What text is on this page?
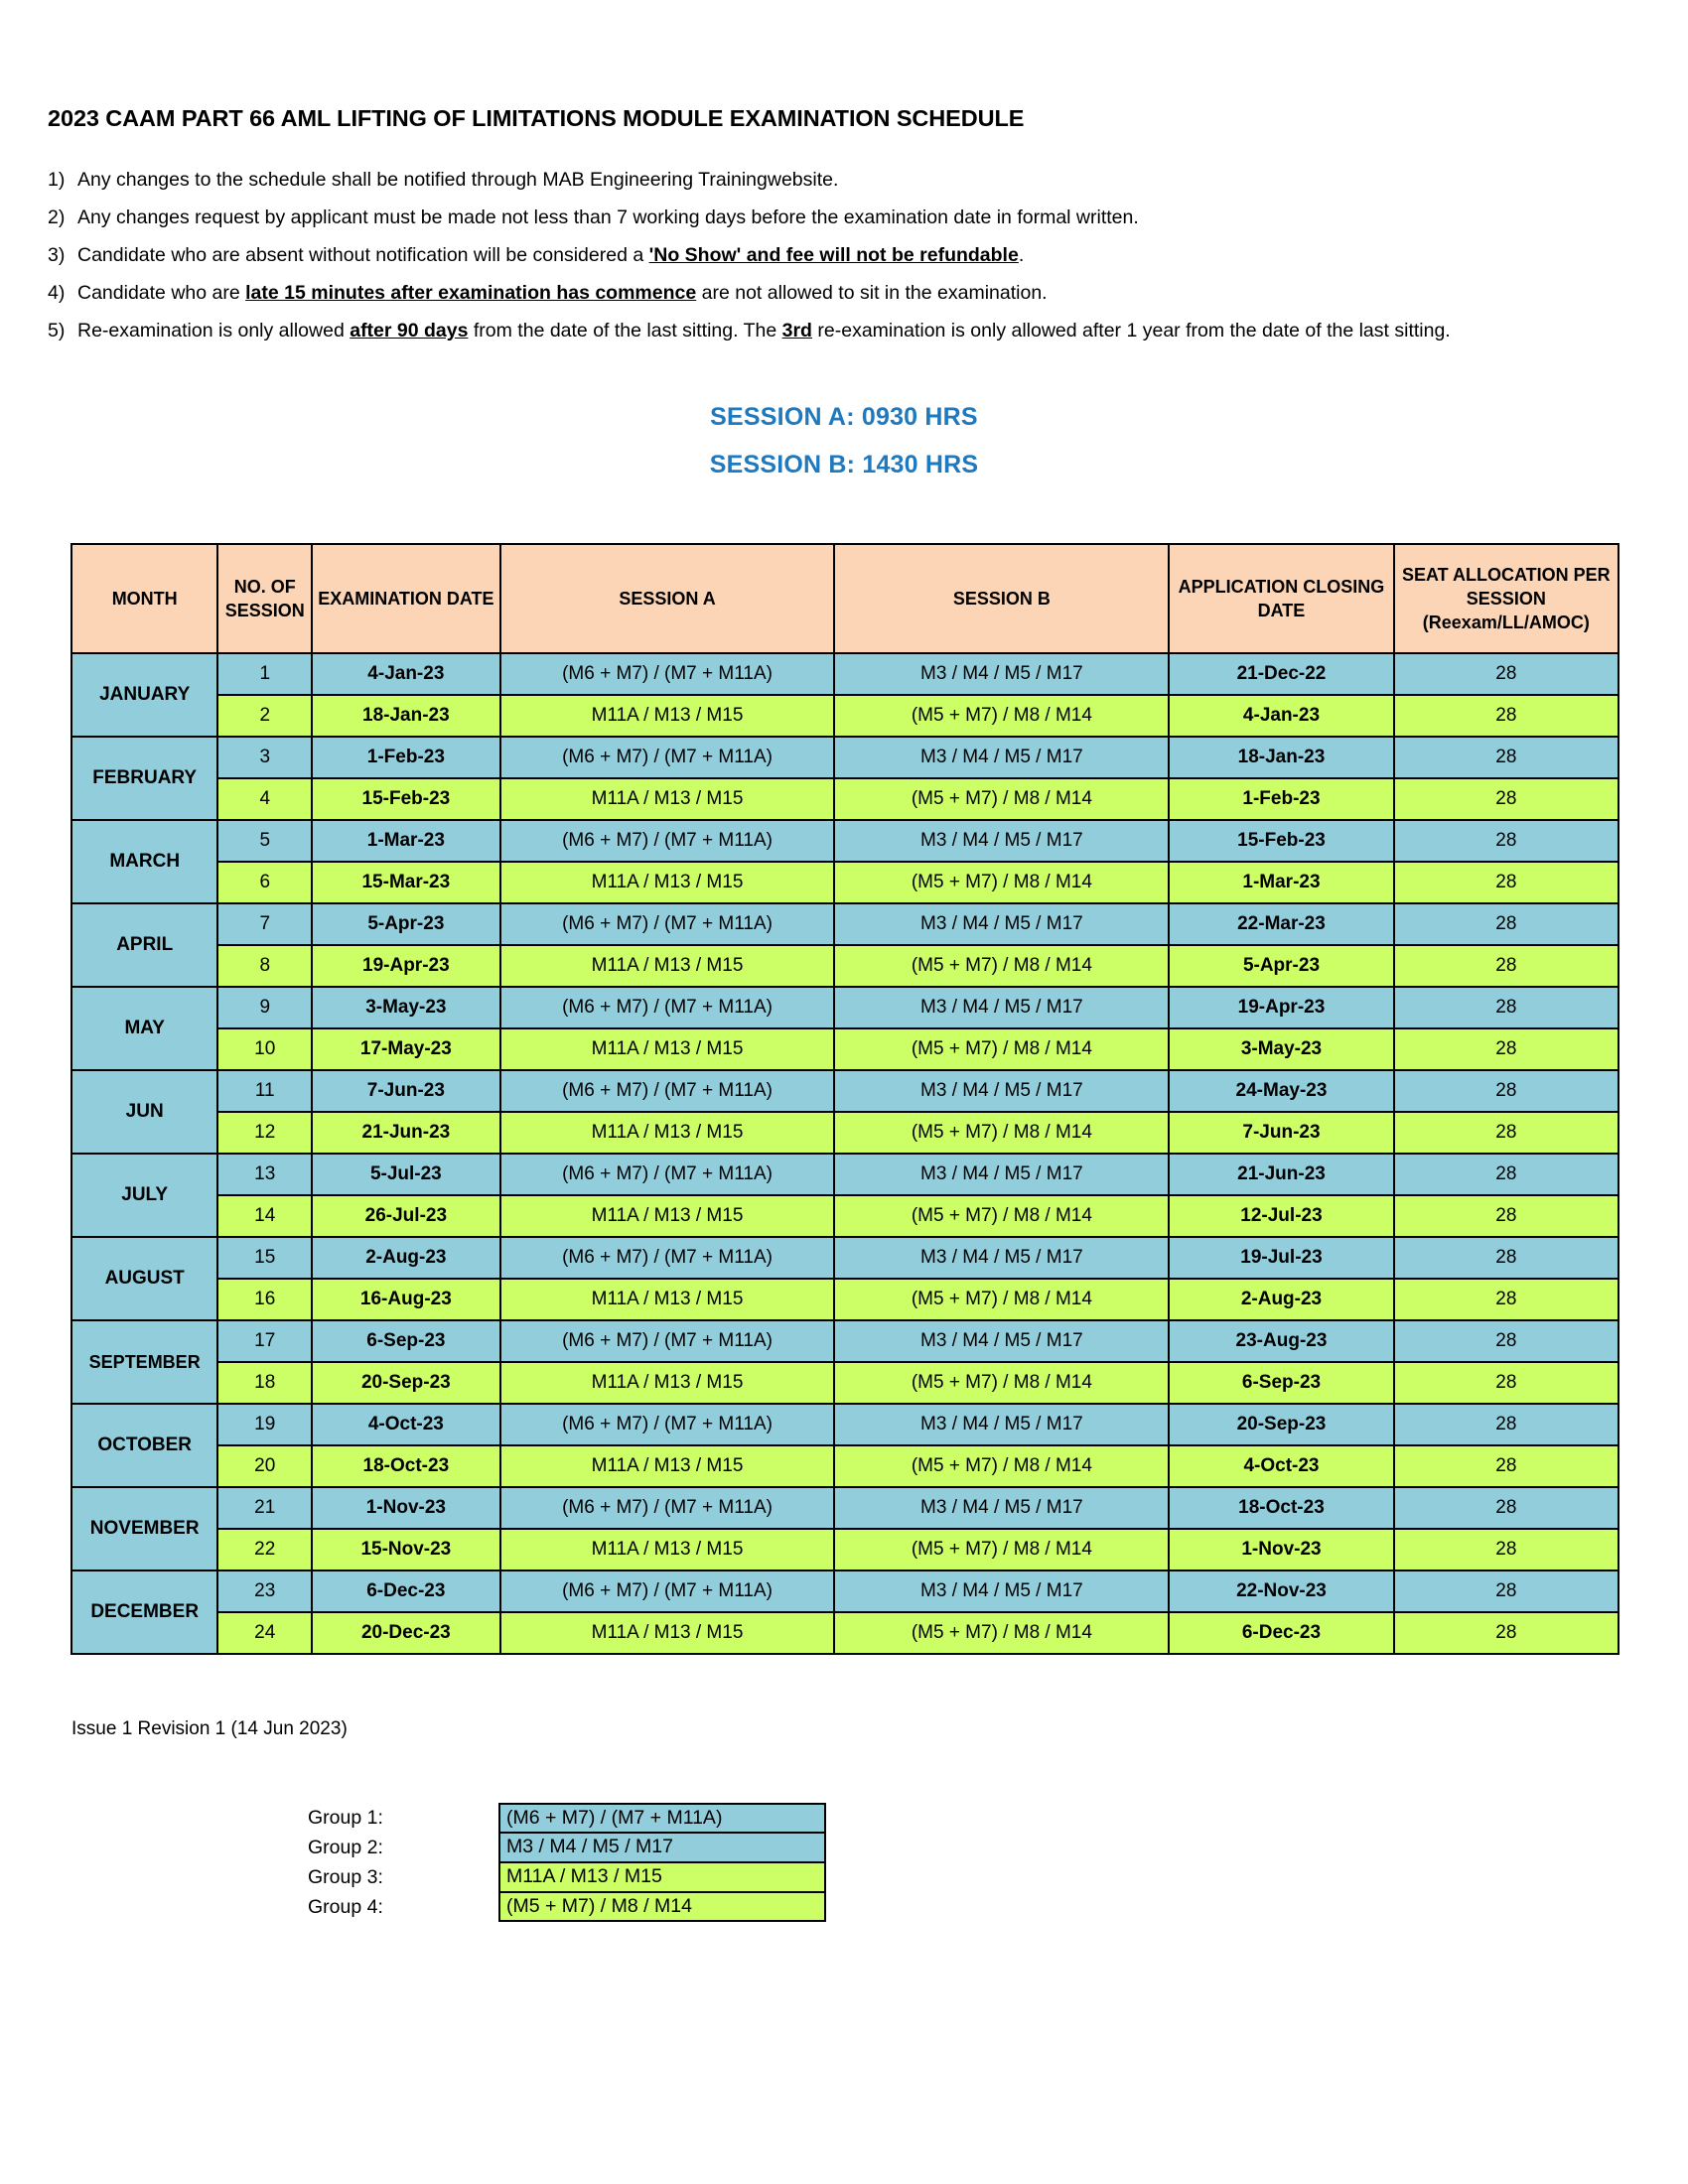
2023 CAAM PART 66 AML LIFTING OF LIMITATIONS MODULE EXAMINATION SCHEDULE
1) Any changes to the schedule shall be notified through MAB Engineering Trainingwebsite.
2) Any changes request by applicant must be made not less than 7 working days before the examination date in formal written.
3) Candidate who are absent without notification will be considered a 'No Show' and fee will not be refundable.
4) Candidate who are late 15 minutes after examination has commence are not allowed to sit in the examination.
5) Re-examination is only allowed after 90 days from the date of the last sitting. The 3rd re-examination is only allowed after 1 year from the date of the last sitting.
SESSION A: 0930 HRS
SESSION B: 1430 HRS
MONTH	NO. OF SESSION	EXAMINATION DATE	SESSION A	SESSION B	APPLICATION CLOSING DATE	SEAT ALLOCATION PER SESSION
(Reexam/LL/AMOC)

JANUARY	1	4-Jan-23	(M6 + M7) / (M7 + M11A)	M3 / M4 / M5 / M17	21-Dec-22	28
	2	18-Jan-23	M11A / M13 / M15	(M5 + M7) / M8 / M14	4-Jan-23	28
FEBRUARY	3	1-Feb-23	(M6 + M7) / (M7 + M11A)	M3 / M4 / M5 / M17	18-Jan-23	28
	4	15-Feb-23	M11A / M13 / M15	(M5 + M7) / M8 / M14	1-Feb-23	28
MARCH	5	1-Mar-23	(M6 + M7) / (M7 + M11A)	M3 / M4 / M5 / M17	15-Feb-23	28
	6	15-Mar-23	M11A / M13 / M15	(M5 + M7) / M8 / M14	1-Mar-23	28
APRIL	7	5-Apr-23	(M6 + M7) / (M7 + M11A)	M3 / M4 / M5 / M17	22-Mar-23	28
	8	19-Apr-23	M11A / M13 / M15	(M5 + M7) / M8 / M14	5-Apr-23	28
MAY	9	3-May-23	(M6 + M7) / (M7 + M11A)	M3 / M4 / M5 / M17	19-Apr-23	28
	10	17-May-23	M11A / M13 / M15	(M5 + M7) / M8 / M14	3-May-23	28
JUN	11	7-Jun-23	(M6 + M7) / (M7 + M11A)	M3 / M4 / M5 / M17	24-May-23	28
	12	21-Jun-23	M11A / M13 / M15	(M5 + M7) / M8 / M14	7-Jun-23	28
JULY	13	5-Jul-23	(M6 + M7) / (M7 + M11A)	M3 / M4 / M5 / M17	21-Jun-23	28
	14	26-Jul-23	M11A / M13 / M15	(M5 + M7) / M8 / M14	12-Jul-23	28
AUGUST	15	2-Aug-23	(M6 + M7) / (M7 + M11A)	M3 / M4 / M5 / M17	19-Jul-23	28
	16	16-Aug-23	M11A / M13 / M15	(M5 + M7) / M8 / M14	2-Aug-23	28
SEPTEMBER	17	6-Sep-23	(M6 + M7) / (M7 + M11A)	M3 / M4 / M5 / M17	23-Aug-23	28
	18	20-Sep-23	M11A / M13 / M15	(M5 + M7) / M8 / M14	6-Sep-23	28
OCTOBER	19	4-Oct-23	(M6 + M7) / (M7 + M11A)	M3 / M4 / M5 / M17	20-Sep-23	28
	20	18-Oct-23	M11A / M13 / M15	(M5 + M7) / M8 / M14	4-Oct-23	28
NOVEMBER	21	1-Nov-23	(M6 + M7) / (M7 + M11A)	M3 / M4 / M5 / M17	18-Oct-23	28
	22	15-Nov-23	M11A / M13 / M15	(M5 + M7) / M8 / M14	1-Nov-23	28
DECEMBER	23	6-Dec-23	(M6 + M7) / (M7 + M11A)	M3 / M4 / M5 / M17	22-Nov-23	28
	24	20-Dec-23	M11A / M13 / M15	(M5 + M7) / M8 / M14	6-Dec-23	28
Issue 1 Revision 1 (14 Jun 2023)
Group 1:	(M6 + M7) / (M7 + M11A)
Group 2:	M3 / M4 / M5 / M17
Group 3:	M11A / M13 / M15
Group 4:	(M5 + M7) / M8 / M14
